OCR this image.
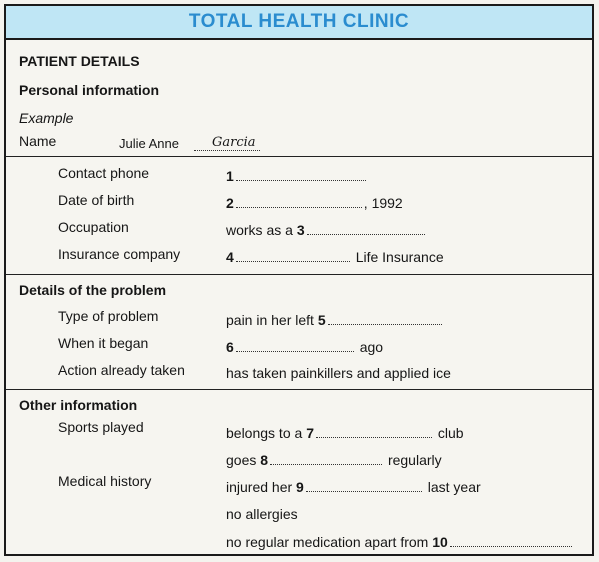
TOTAL HEALTH CLINIC
PATIENT DETAILS
Personal information
Example
Name	Julie Anne	Garcia
Contact phone	1
Date of birth	2	, 1992
Occupation	works as a 3
Insurance company	4	Life Insurance
Details of the problem
Type of problem	pain in her left 5
When it began	6	ago
Action already taken	has taken painkillers and applied ice
Other information
Sports played	belongs to a 7	club
goes 8	regularly
Medical history	injured her 9	last year
no allergies
no regular medication apart from 10
